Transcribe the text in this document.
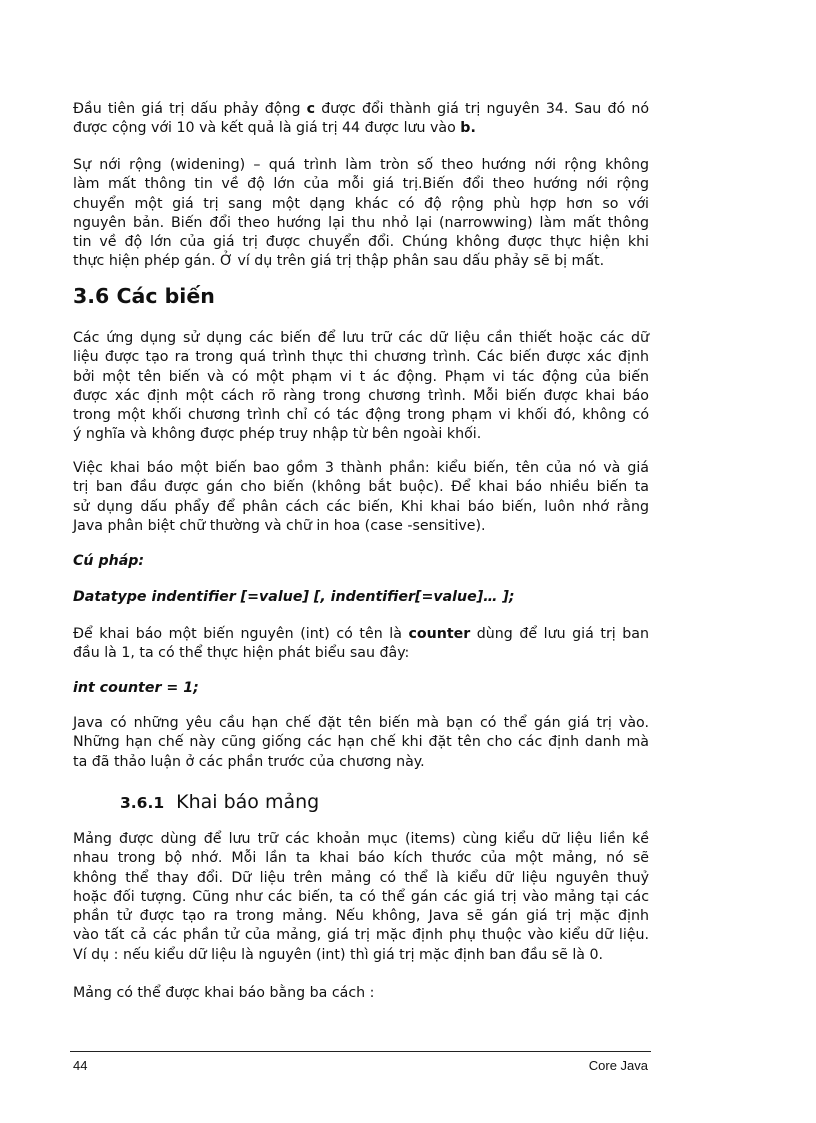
Đầu tiên giá trị dấu phảy động c được đổi thành giá trị nguyên 34. Sau đó nó
được cộng với 10 và kết quả là giá trị 44 được lưu vào b.
Sự nới rộng (widening) – quá trình làm tròn số theo hướng nới rộng không
làm mất thông tin về độ lớn của mỗi giá trị.Biến đổi theo hướng nới rộng
chuyển một giá trị sang một dạng khác có độ rộng phù hợp hơn so với
nguyên bản. Biến đổi theo hướng lại thu nhỏ lại (narrowwing) làm mất thông
tin về độ lớn của giá trị được chuyển đổi. Chúng không được thực hiện khi
thực hiện phép gán. Ở ví dụ trên giá trị thập phân sau dấu phảy sẽ bị mất.
3.6 Các biến
Các ứng dụng sử dụng các biến để lưu trữ các dữ liệu cần thiết hoặc các dữ
liệu được tạo ra trong quá trình thực thi chương trình. Các biến được xác định
bởi một tên biến và có một phạm vi t ác động. Phạm vi tác động của biến
được xác định một cách rõ ràng trong chương trình. Mỗi biến được khai báo
trong một khối chương trình chỉ có tác động trong phạm vi khối đó, không có
ý nghĩa và không được phép truy nhập từ bên ngoài khối.
Việc khai báo một biến bao gồm 3 thành phần: kiểu biến, tên của nó và giá
trị ban đầu được gán cho biến (không bắt buộc). Để khai báo nhiều biến ta
sử dụng dấu phẩy để phân cách các biến, Khi khai báo biến, luôn nhớ rằng
Java phân biệt chữ thường và chữ in hoa (case -sensitive).

Cú pháp:

Datatype indentifier [=value] [, indentifier[=value]… ];

Để khai báo một biến nguyên (int) có tên là counter dùng để lưu giá trị ban
đầu là 1, ta có thể thực hiện phát biểu sau đây:

int counter = 1;

Java có những yêu cầu hạn chế đặt tên biến mà bạn có thể gán giá trị vào.
Những hạn chế này cũng giống các hạn chế khi đặt tên cho các định danh mà
ta đã thảo luận ở các phần trước của chương này.
3.6.1 Khai báo mảng
Mảng được dùng để lưu trữ các khoản mục (items) cùng kiểu dữ liệu liền kề
nhau trong bộ nhớ. Mỗi lần ta khai báo kích thước của một mảng, nó sẽ
không thể thay đổi. Dữ liệu trên mảng có thể là kiểu dữ liệu nguyên thuỷ
hoặc đối tượng. Cũng như các biến, ta có thể gán các giá trị vào mảng tại các
phần tử được tạo ra trong mảng. Nếu không, Java sẽ gán giá trị mặc định
vào tất cả các phần tử của mảng, giá trị mặc định phụ thuộc vào kiểu dữ liệu.
Ví dụ : nếu kiểu dữ liệu là nguyên (int) thì giá trị mặc định ban đầu sẽ là 0.

Mảng có thể được khai báo bằng ba cách :

44	Core Java
